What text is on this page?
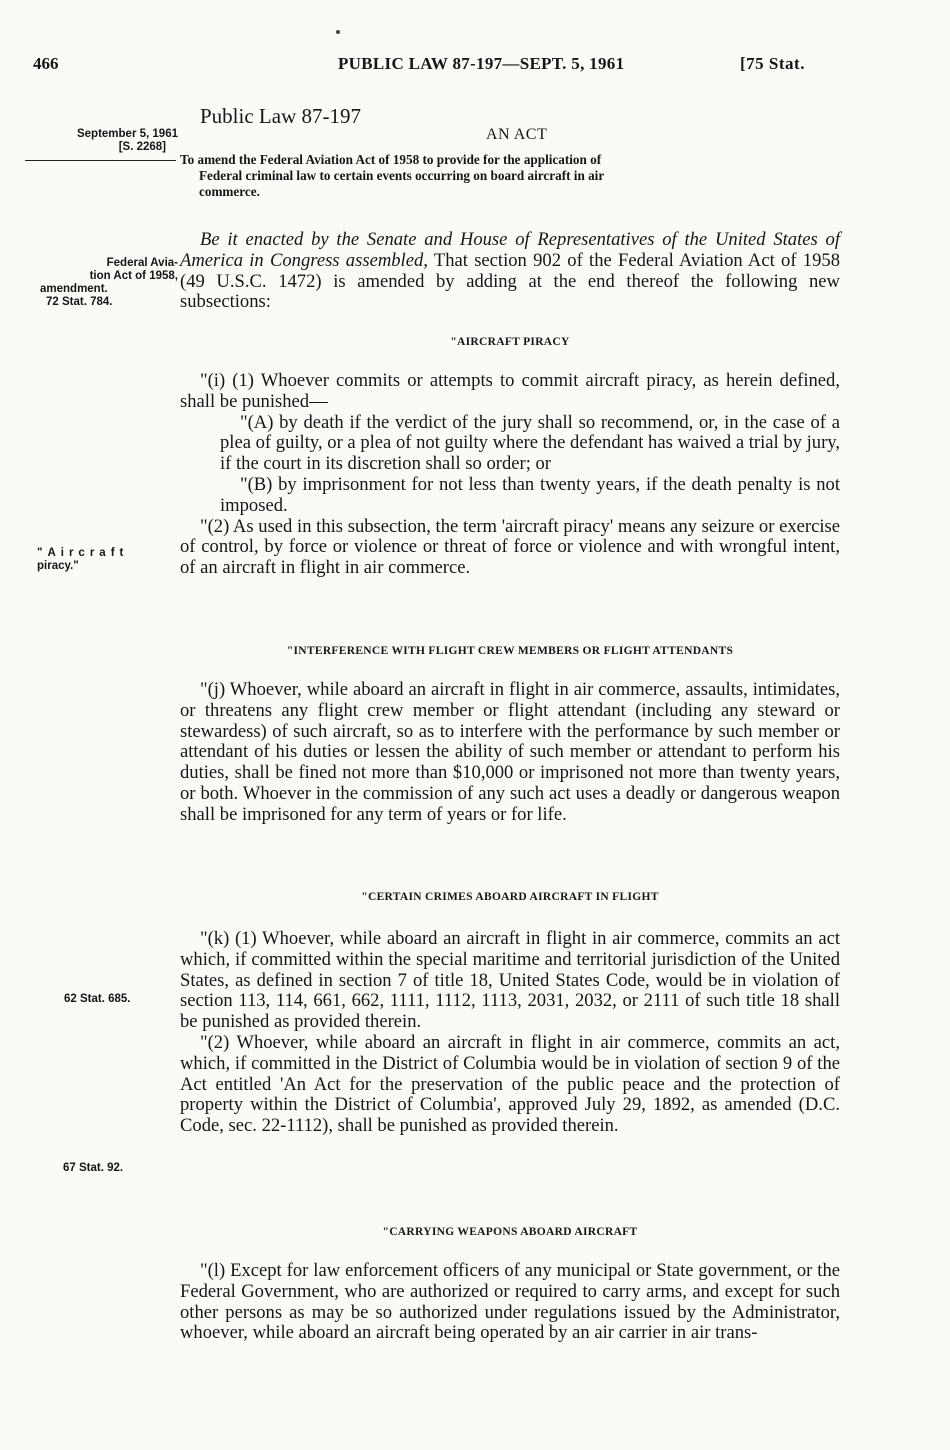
466	PUBLIC LAW 87-197—SEPT. 5, 1961	[75 Stat.
September 5, 1961
[S. 2268]
Federal Avia-
tion Act of 1958,
amendment.
72 Stat. 784.
"Aircraft
piracy."
62 Stat. 685.
67 Stat. 92.
Public Law 87-197
AN ACT
To amend the Federal Aviation Act of 1958 to provide for the application of
Federal criminal law to certain events occurring on board aircraft in air
commerce.

Be it enacted by the Senate and House of Representatives of the United States of America in Congress assembled, That section 902 of the Federal Aviation Act of 1958 (49 U.S.C. 1472) is amended by adding at the end thereof the following new subsections:

"AIRCRAFT PIRACY

"(i) (1) Whoever commits or attempts to commit aircraft piracy, as herein defined, shall be punished—

"(A) by death if the verdict of the jury shall so recommend, or, in the case of a plea of guilty, or a plea of not guilty where the defendant has waived a trial by jury, if the court in its discretion shall so order; or

"(B) by imprisonment for not less than twenty years, if the death penalty is not imposed.

"(2) As used in this subsection, the term 'aircraft piracy' means any seizure or exercise of control, by force or violence or threat of force or violence and with wrongful intent, of an aircraft in flight in air commerce.

"INTERFERENCE WITH FLIGHT CREW MEMBERS OR FLIGHT ATTENDANTS

"(j) Whoever, while aboard an aircraft in flight in air commerce, assaults, intimidates, or threatens any flight crew member or flight attendant (including any steward or stewardess) of such aircraft, so as to interfere with the performance by such member or attendant of his duties or lessen the ability of such member or attendant to perform his duties, shall be fined not more than $10,000 or imprisoned not more than twenty years, or both. Whoever in the commission of any such act uses a deadly or dangerous weapon shall be imprisoned for any term of years or for life.

"CERTAIN CRIMES ABOARD AIRCRAFT IN FLIGHT

"(k) (1) Whoever, while aboard an aircraft in flight in air commerce, commits an act which, if committed within the special maritime and territorial jurisdiction of the United States, as defined in section 7 of title 18, United States Code, would be in violation of section 113, 114, 661, 662, 1111, 1112, 1113, 2031, 2032, or 2111 of such title 18 shall be punished as provided therein.

"(2) Whoever, while aboard an aircraft in flight in air commerce, commits an act, which, if committed in the District of Columbia would be in violation of section 9 of the Act entitled 'An Act for the preservation of the public peace and the protection of property within the District of Columbia', approved July 29, 1892, as amended (D.C. Code, sec. 22-1112), shall be punished as provided therein.

"CARRYING WEAPONS ABOARD AIRCRAFT

"(l) Except for law enforcement officers of any municipal or State government, or the Federal Government, who are authorized or required to carry arms, and except for such other persons as may be so authorized under regulations issued by the Administrator, whoever, while aboard an aircraft being operated by an air carrier in air trans-
